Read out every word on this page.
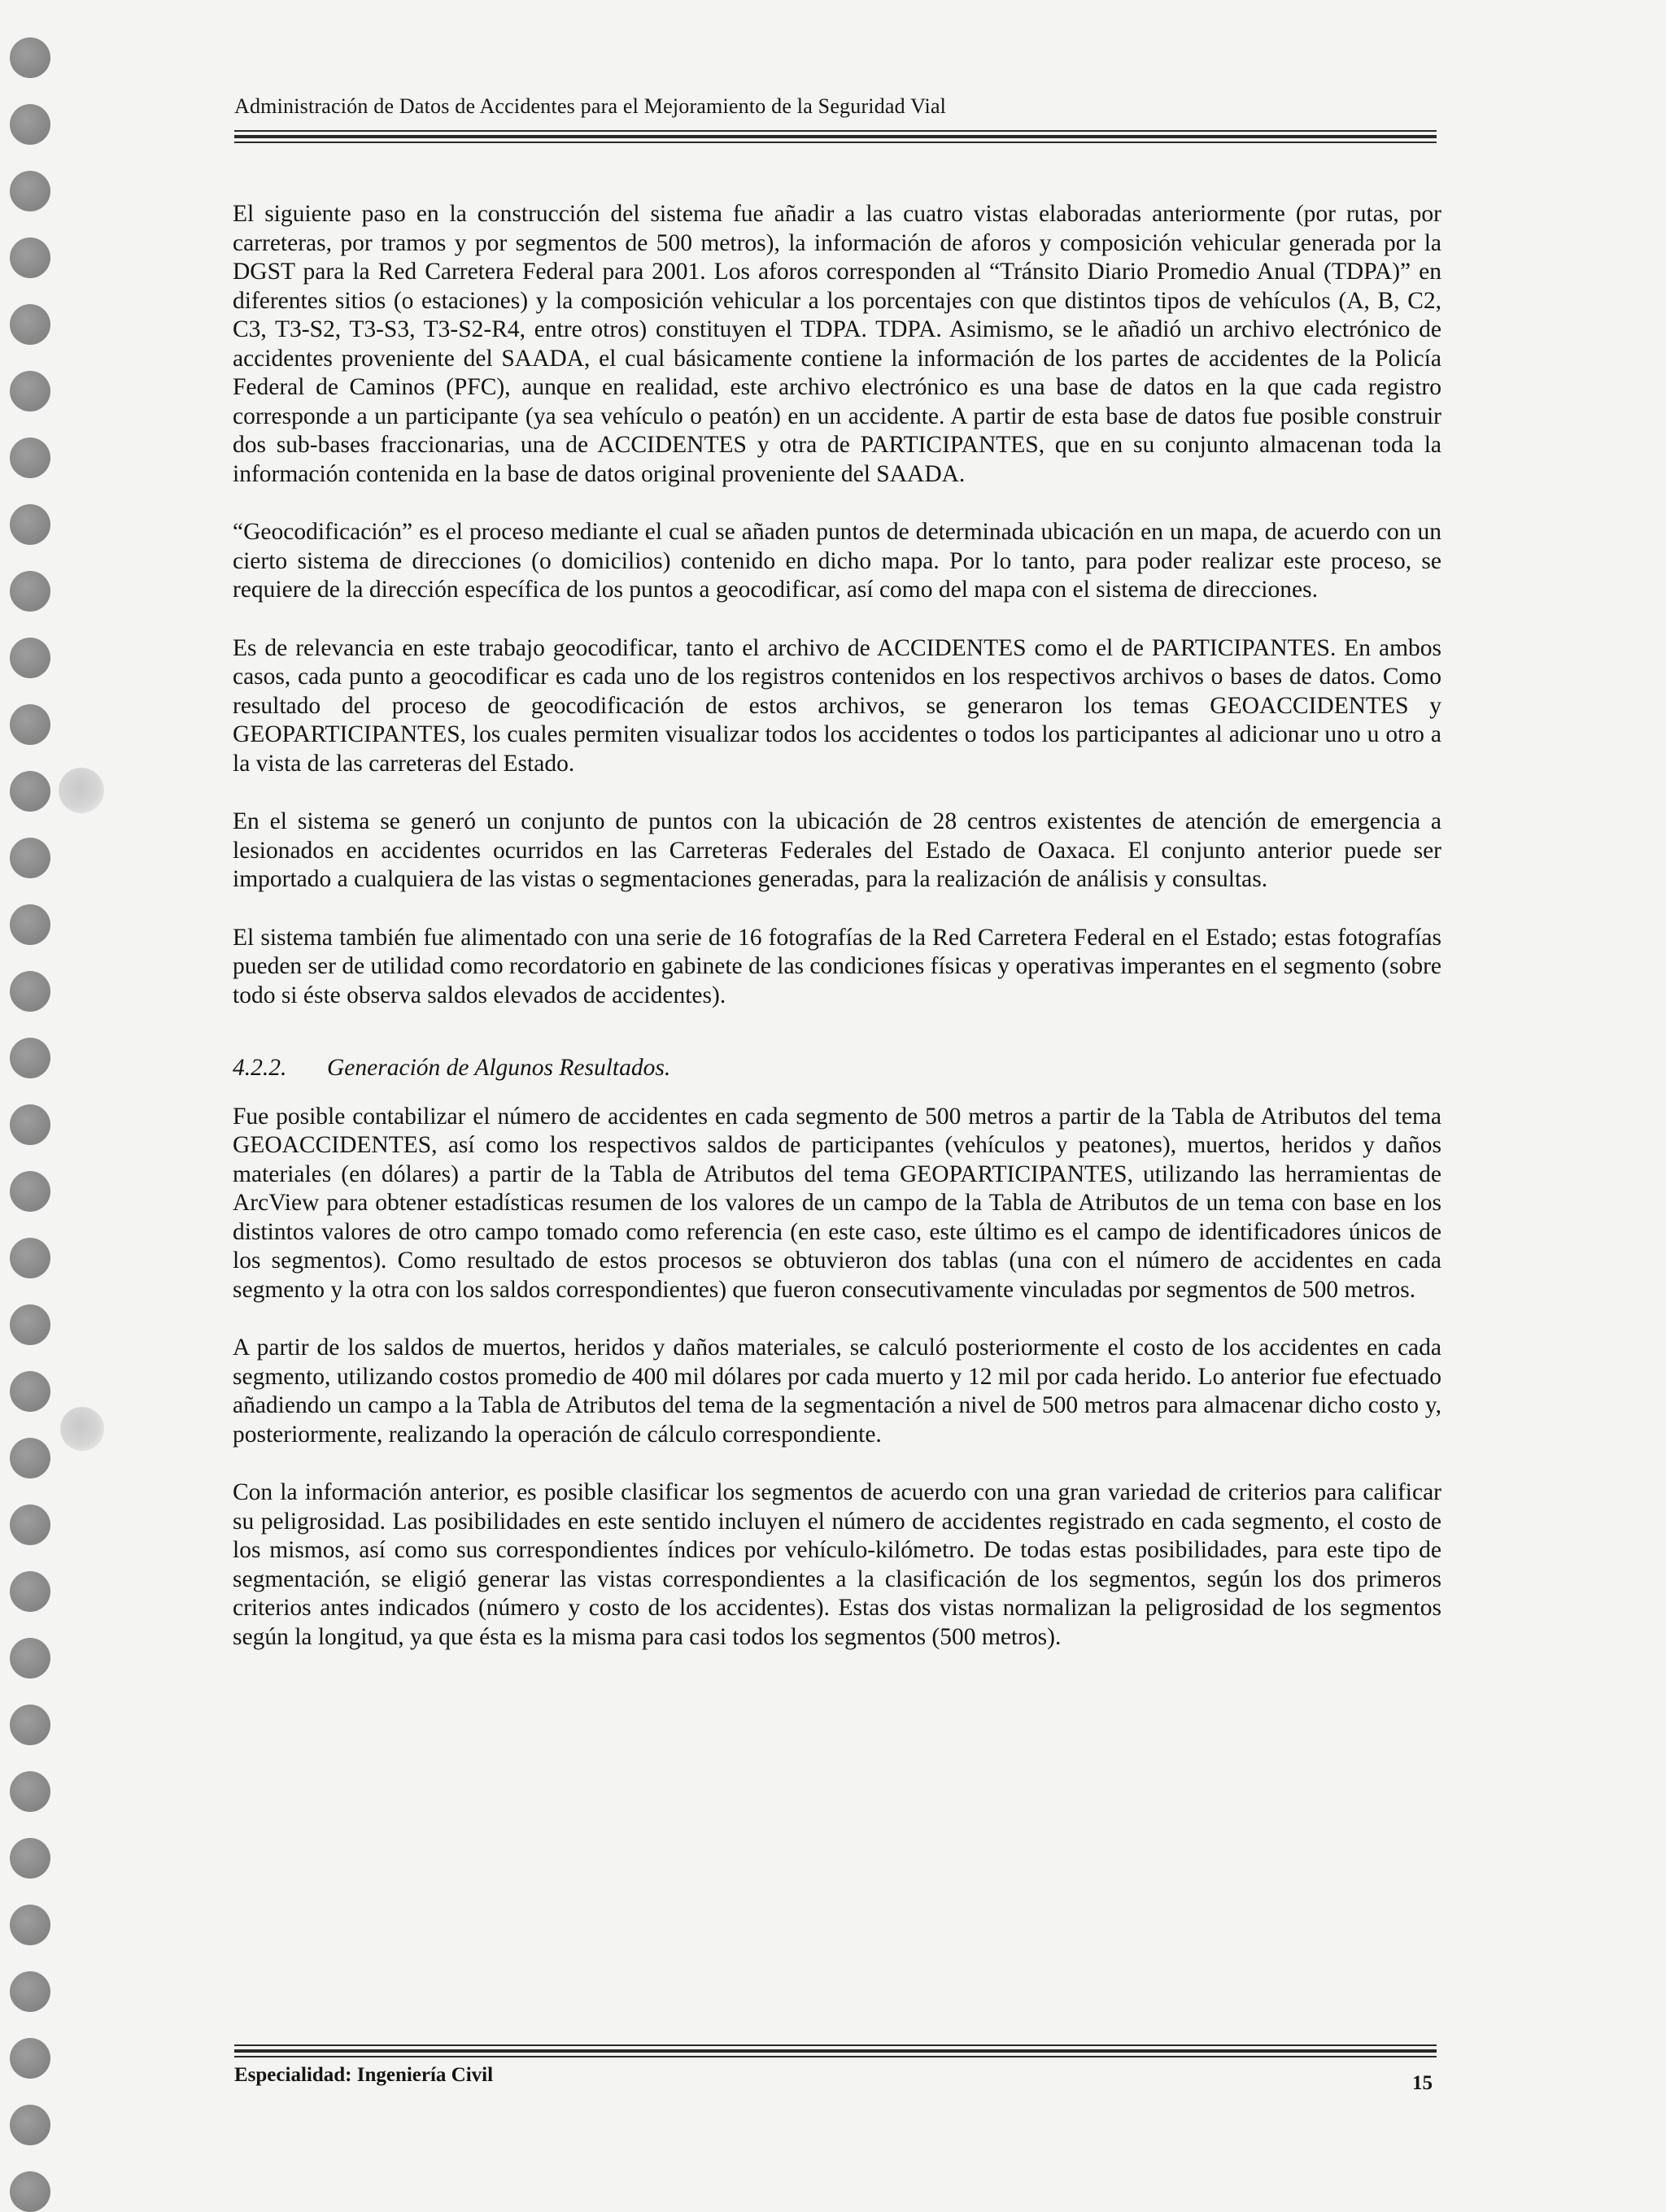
Administración de Datos de Accidentes para el Mejoramiento de la Seguridad Vial

El siguiente paso en la construcción del sistema fue añadir a las cuatro vistas elaboradas anteriormente (por rutas, por carreteras, por tramos y por segmentos de 500 metros), la información de aforos y composición vehicular generada por la DGST para la Red Carretera Federal para 2001. Los aforos corresponden al “Tránsito Diario Promedio Anual (TDPA)” en diferentes sitios (o estaciones) y la composición vehicular a los porcentajes con que distintos tipos de vehículos (A, B, C2, C3, T3-S2, T3-S3, T3-S2-R4, entre otros) constituyen el TDPA. TDPA. Asimismo, se le añadió un archivo electrónico de accidentes proveniente del SAADA, el cual básicamente contiene la información de los partes de accidentes de la Policía Federal de Caminos (PFC), aunque en realidad, este archivo electrónico es una base de datos en la que cada registro corresponde a un participante (ya sea vehículo o peatón) en un accidente. A partir de esta base de datos fue posible construir dos sub-bases fraccionarias, una de ACCIDENTES y otra de PARTICIPANTES, que en su conjunto almacenan toda la información contenida en la base de datos original proveniente del SAADA.

“Geocodificación” es el proceso mediante el cual se añaden puntos de determinada ubicación en un mapa, de acuerdo con un cierto sistema de direcciones (o domicilios) contenido en dicho mapa. Por lo tanto, para poder realizar este proceso, se requiere de la dirección específica de los puntos a geocodificar, así como del mapa con el sistema de direcciones.

Es de relevancia en este trabajo geocodificar, tanto el archivo de ACCIDENTES como el de PARTICIPANTES. En ambos casos, cada punto a geocodificar es cada uno de los registros contenidos en los respectivos archivos o bases de datos. Como resultado del proceso de geocodificación de estos archivos, se generaron los temas GEOACCIDENTES y GEOPARTICIPANTES, los cuales permiten visualizar todos los accidentes o todos los participantes al adicionar uno u otro a la vista de las carreteras del Estado.

En el sistema se generó un conjunto de puntos con la ubicación de 28 centros existentes de atención de emergencia a lesionados en accidentes ocurridos en las Carreteras Federales del Estado de Oaxaca. El conjunto anterior puede ser importado a cualquiera de las vistas o segmentaciones generadas, para la realización de análisis y consultas.

El sistema también fue alimentado con una serie de 16 fotografías de la Red Carretera Federal en el Estado; estas fotografías pueden ser de utilidad como recordatorio en gabinete de las condiciones físicas y operativas imperantes en el segmento (sobre todo si éste observa saldos elevados de accidentes).

4.2.2.	Generación de Algunos Resultados.

Fue posible contabilizar el número de accidentes en cada segmento de 500 metros a partir de la Tabla de Atributos del tema GEOACCIDENTES, así como los respectivos saldos de participantes (vehículos y peatones), muertos, heridos y daños materiales (en dólares) a partir de la Tabla de Atributos del tema GEOPARTICIPANTES, utilizando las herramientas de ArcView para obtener estadísticas resumen de los valores de un campo de la Tabla de Atributos de un tema con base en los distintos valores de otro campo tomado como referencia (en este caso, este último es el campo de identificadores únicos de los segmentos). Como resultado de estos procesos se obtuvieron dos tablas (una con el número de accidentes en cada segmento y la otra con los saldos correspondientes) que fueron consecutivamente vinculadas por segmentos de 500 metros.

A partir de los saldos de muertos, heridos y daños materiales, se calculó posteriormente el costo de los accidentes en cada segmento, utilizando costos promedio de 400 mil dólares por cada muerto y 12 mil por cada herido. Lo anterior fue efectuado añadiendo un campo a la Tabla de Atributos del tema de la segmentación a nivel de 500 metros para almacenar dicho costo y, posteriormente, realizando la operación de cálculo correspondiente.

Con la información anterior, es posible clasificar los segmentos de acuerdo con una gran variedad de criterios para calificar su peligrosidad. Las posibilidades en este sentido incluyen el número de accidentes registrado en cada segmento, el costo de los mismos, así como sus correspondientes índices por vehículo-kilómetro. De todas estas posibilidades, para este tipo de segmentación, se eligió generar las vistas correspondientes a la clasificación de los segmentos, según los dos primeros criterios antes indicados (número y costo de los accidentes). Estas dos vistas normalizan la peligrosidad de los segmentos según la longitud, ya que ésta es la misma para casi todos los segmentos (500 metros).

Especialidad: Ingeniería Civil	15
